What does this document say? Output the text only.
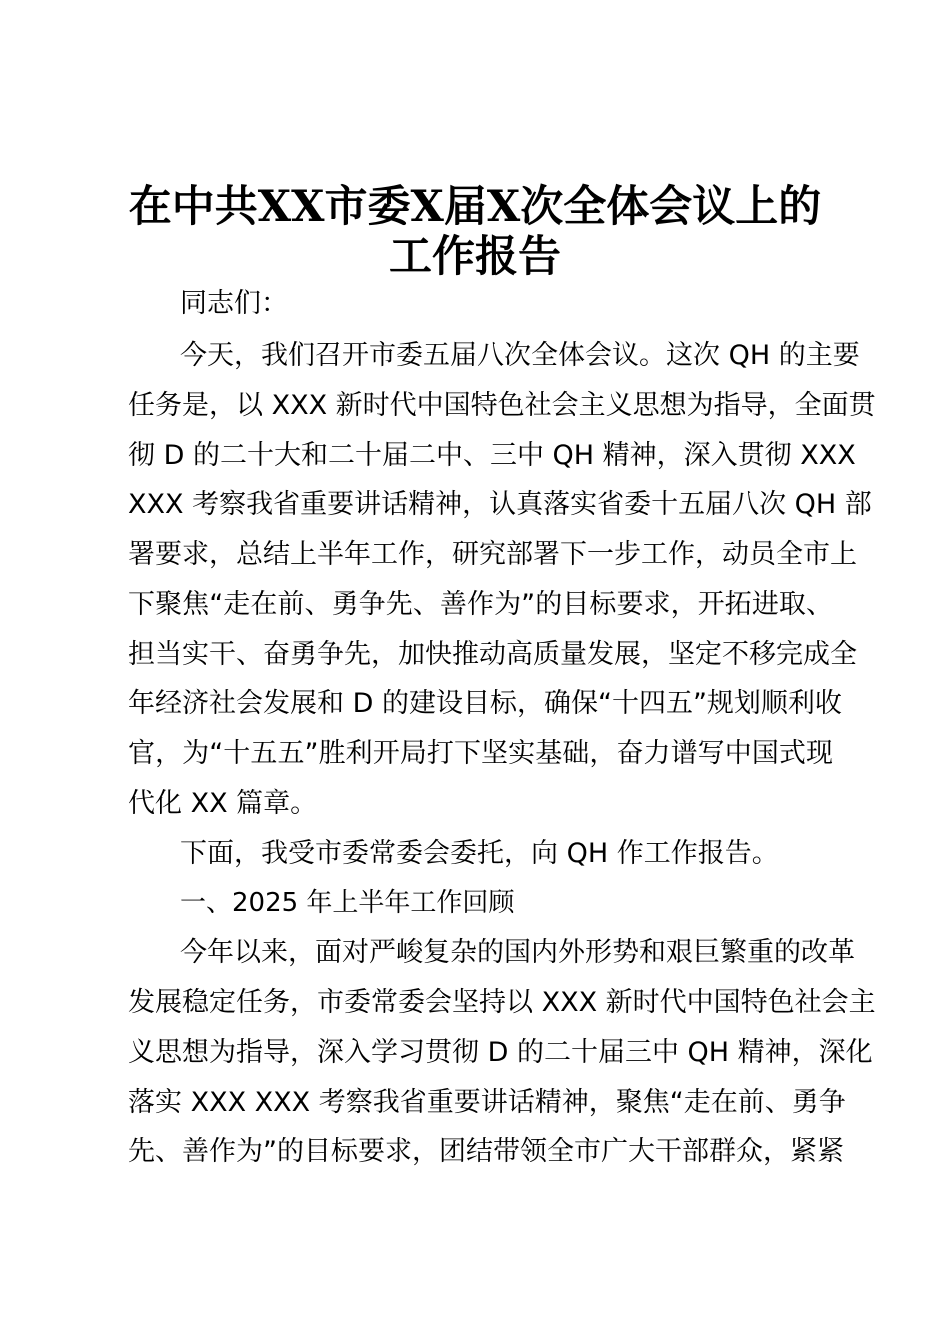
在中共XX市委X届X次全体会议上的
工作报告
同志们：
今天，我们召开市委五届八次全体会议。这次 QH 的主要
任务是，以 XXX 新时代中国特色社会主义思想为指导，全面贯
彻 D 的二十大和二十届二中、三中 QH 精神，深入贯彻 XXX
XXX 考察我省重要讲话精神，认真落实省委十五届八次 QH 部
署要求，总结上半年工作，研究部署下一步工作，动员全市上
下聚焦“走在前、勇争先、善作为”的目标要求，开拓进取、
担当实干、奋勇争先，加快推动高质量发展，坚定不移完成全
年经济社会发展和 D 的建设目标，确保“十四五”规划顺利收
官，为“十五五”胜利开局打下坚实基础，奋力谱写中国式现
代化 XX 篇章。
下面，我受市委常委会委托，向 QH 作工作报告。
一、2025 年上半年工作回顾
今年以来，面对严峻复杂的国内外形势和艰巨繁重的改革
发展稳定任务，市委常委会坚持以 XXX 新时代中国特色社会主
义思想为指导，深入学习贯彻 D 的二十届三中 QH 精神，深化
落实 XXX XXX 考察我省重要讲话精神，聚焦“走在前、勇争
先、善作为”的目标要求，团结带领全市广大干部群众，紧紧
